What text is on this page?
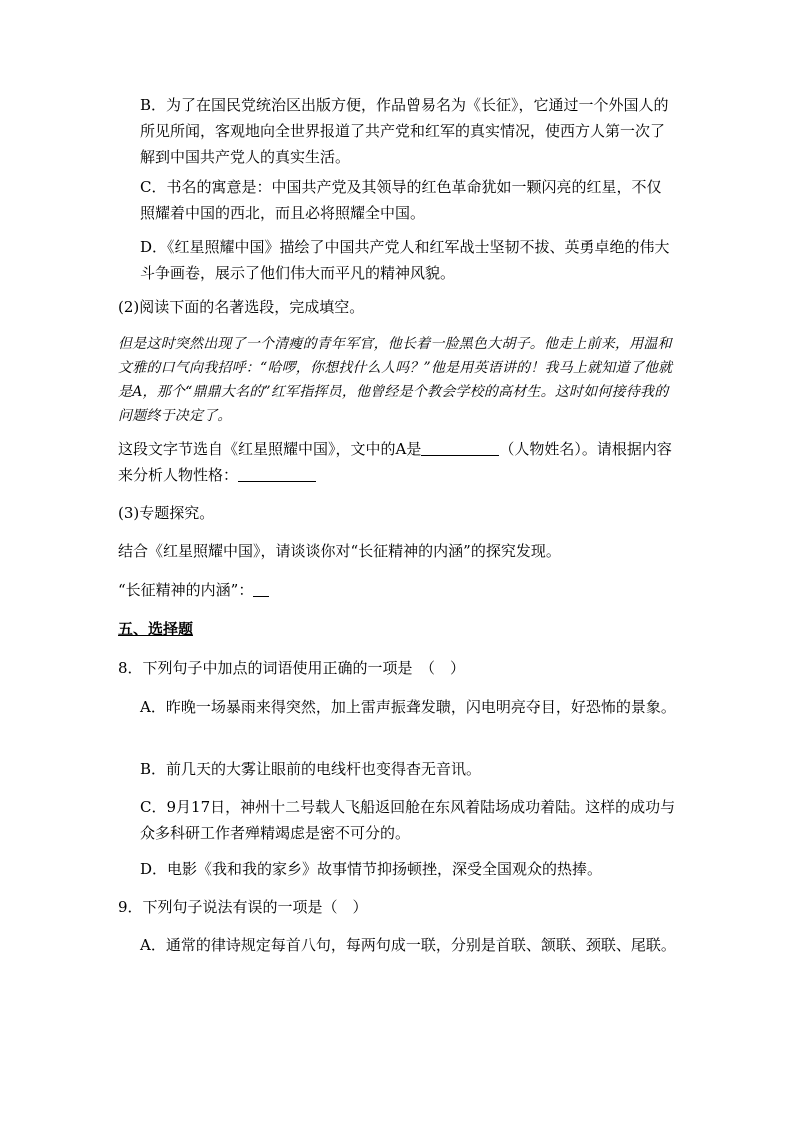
B．为了在国民党统治区出版方便，作品曾易名为《长征》，它通过一个外国人的所见所闻，客观地向全世界报道了共产党和红军的真实情况，使西方人第一次了解到中国共产党人的真实生活。

C．书名的寓意是：中国共产党及其领导的红色革命犹如一颗闪亮的红星，不仅照耀着中国的西北，而且必将照耀全中国。

D．《红星照耀中国》描绘了中国共产党人和红军战士坚韧不拔、英勇卓绝的伟大斗争画卷，展示了他们伟大而平凡的精神风貌。

(2)阅读下面的名著选段，完成填空。

但是这时突然出现了一个清瘦的青年军官，他长着一脸黑色大胡子。他走上前来，用温和文雅的口气向我招呼：“哈啰，你想找什么人吗？”他是用英语讲的！我马上就知道了他就是A，那个“鼎鼎大名的”红军指挥员，他曾经是个教会学校的高材生。这时如何接待我的问题终于决定了。

这段文字节选自《红星照耀中国》，文中的A是	（人物姓名）。请根据内容来分析人物性格：

(3)专题探究。

结合《红星照耀中国》，请谈谈你对“长征精神的内涵”的探究发现。

“长征精神的内涵”：

五、选择题

8．下列句子中加点的词语使用正确的一项是　（　）

A．昨晚一场暴雨来得突然，加上雷声振聋发聩，闪电明亮夺目，好恐怖的景象。

B．前几天的大雾让眼前的电线杆也变得杳无音讯。

C．9月17日，神州十二号载人飞船返回舱在东风着陆场成功着陆。这样的成功与众多科研工作者殚精竭虑是密不可分的。

D．电影《我和我的家乡》故事情节抑扬顿挫，深受全国观众的热捧。

9．下列句子说法有误的一项是（　）

A．通常的律诗规定每首八句，每两句成一联，分别是首联、颔联、颈联、尾联。
